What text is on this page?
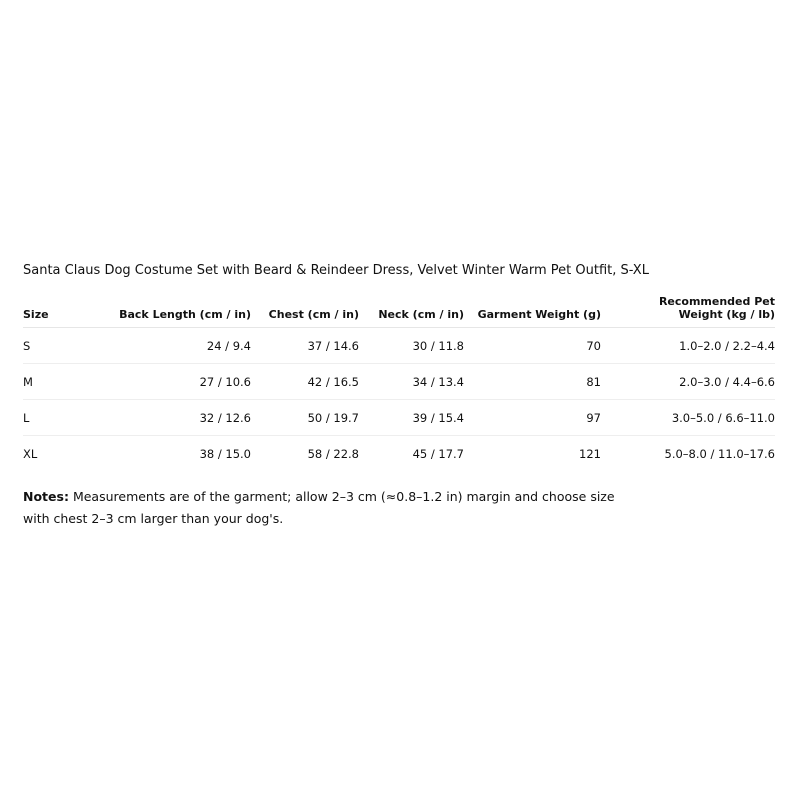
Santa Claus Dog Costume Set with Beard & Reindeer Dress, Velvet Winter Warm Pet Outfit, S-XL
Size	Back Length (cm / in)	Chest (cm / in)	Neck (cm / in)	Garment Weight (g)	Recommended Pet
Weight (kg / lb)
S	24 / 9.4	37 / 14.6	30 / 11.8	70	1.0–2.0 / 2.2–4.4
M	27 / 10.6	42 / 16.5	34 / 13.4	81	2.0–3.0 / 4.4–6.6
L	32 / 12.6	50 / 19.7	39 / 15.4	97	3.0–5.0 / 6.6–11.0
XL	38 / 15.0	58 / 22.8	45 / 17.7	121	5.0–8.0 / 11.0–17.6
Notes: Measurements are of the garment; allow 2–3 cm (≈0.8–1.2 in) margin and choose size with chest 2–3 cm larger than your dog's.
